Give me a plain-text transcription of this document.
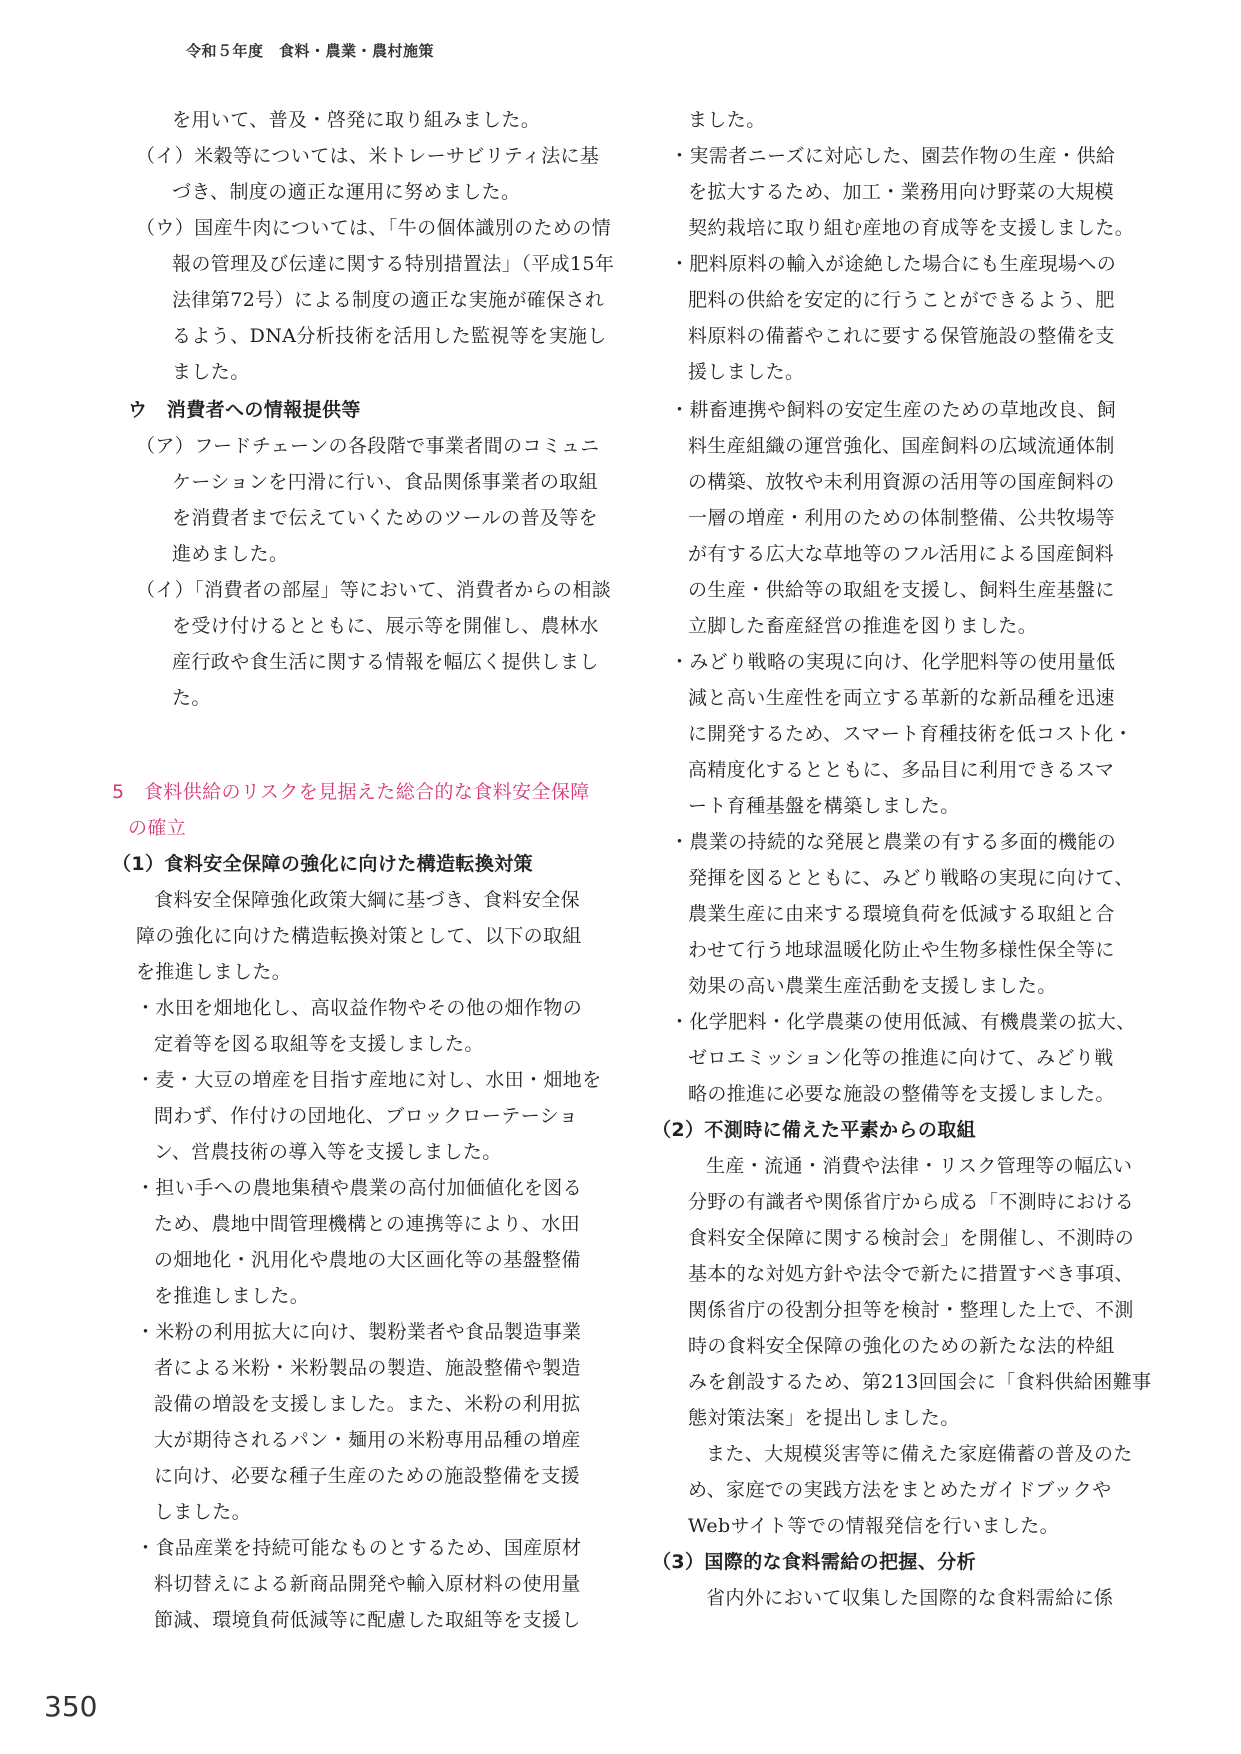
令和５年度　食料・農業・農村施策
を用いて、普及・啓発に取り組みました。
（イ）米穀等については、米トレーサビリティ法に基
づき、制度の適正な運用に努めました。
（ウ）国産牛肉については、「牛の個体識別のための情
報の管理及び伝達に関する特別措置法」（平成15年
法律第72号）による制度の適正な実施が確保され
るよう、DNA分析技術を活用した監視等を実施し
ました。
ウ　消費者への情報提供等
（ア）フードチェーンの各段階で事業者間のコミュニ
ケーションを円滑に行い、食品関係事業者の取組
を消費者まで伝えていくためのツールの普及等を
進めました。
（イ）「消費者の部屋」等において、消費者からの相談
を受け付けるとともに、展示等を開催し、農林水
産行政や食生活に関する情報を幅広く提供しまし
た。
5　食料供給のリスクを見据えた総合的な食料安全保障
の確立
（1）食料安全保障の強化に向けた構造転換対策
食料安全保障強化政策大綱に基づき、食料安全保
障の強化に向けた構造転換対策として、以下の取組
を推進しました。
・水田を畑地化し、高収益作物やその他の畑作物の
定着等を図る取組等を支援しました。
・麦・大豆の増産を目指す産地に対し、水田・畑地を
問わず、作付けの団地化、ブロックローテーショ
ン、営農技術の導入等を支援しました。
・担い手への農地集積や農業の高付加価値化を図る
ため、農地中間管理機構との連携等により、水田
の畑地化・汎用化や農地の大区画化等の基盤整備
を推進しました。
・米粉の利用拡大に向け、製粉業者や食品製造事業
者による米粉・米粉製品の製造、施設整備や製造
設備の増設を支援しました。また、米粉の利用拡
大が期待されるパン・麺用の米粉専用品種の増産
に向け、必要な種子生産のための施設整備を支援
しました。
・食品産業を持続可能なものとするため、国産原材
料切替えによる新商品開発や輸入原材料の使用量
節減、環境負荷低減等に配慮した取組等を支援し
ました。
・実需者ニーズに対応した、園芸作物の生産・供給
を拡大するため、加工・業務用向け野菜の大規模
契約栽培に取り組む産地の育成等を支援しました。
・肥料原料の輸入が途絶した場合にも生産現場への
肥料の供給を安定的に行うことができるよう、肥
料原料の備蓄やこれに要する保管施設の整備を支
援しました。
・耕畜連携や飼料の安定生産のための草地改良、飼
料生産組織の運営強化、国産飼料の広域流通体制
の構築、放牧や未利用資源の活用等の国産飼料の
一層の増産・利用のための体制整備、公共牧場等
が有する広大な草地等のフル活用による国産飼料
の生産・供給等の取組を支援し、飼料生産基盤に
立脚した畜産経営の推進を図りました。
・みどり戦略の実現に向け、化学肥料等の使用量低
減と高い生産性を両立する革新的な新品種を迅速
に開発するため、スマート育種技術を低コスト化・
高精度化するとともに、多品目に利用できるスマ
ート育種基盤を構築しました。
・農業の持続的な発展と農業の有する多面的機能の
発揮を図るとともに、みどり戦略の実現に向けて、
農業生産に由来する環境負荷を低減する取組と合
わせて行う地球温暖化防止や生物多様性保全等に
効果の高い農業生産活動を支援しました。
・化学肥料・化学農薬の使用低減、有機農業の拡大、
ゼロエミッション化等の推進に向けて、みどり戦
略の推進に必要な施設の整備等を支援しました。
（2）不測時に備えた平素からの取組
生産・流通・消費や法律・リスク管理等の幅広い
分野の有識者や関係省庁から成る「不測時における
食料安全保障に関する検討会」を開催し、不測時の
基本的な対処方針や法令で新たに措置すべき事項、
関係省庁の役割分担等を検討・整理した上で、不測
時の食料安全保障の強化のための新たな法的枠組
みを創設するため、第213回国会に「食料供給困難事
態対策法案」を提出しました。
また、大規模災害等に備えた家庭備蓄の普及のた
め、家庭での実践方法をまとめたガイドブックや
Webサイト等での情報発信を行いました。
（3）国際的な食料需給の把握、分析
省内外において収集した国際的な食料需給に係
350
